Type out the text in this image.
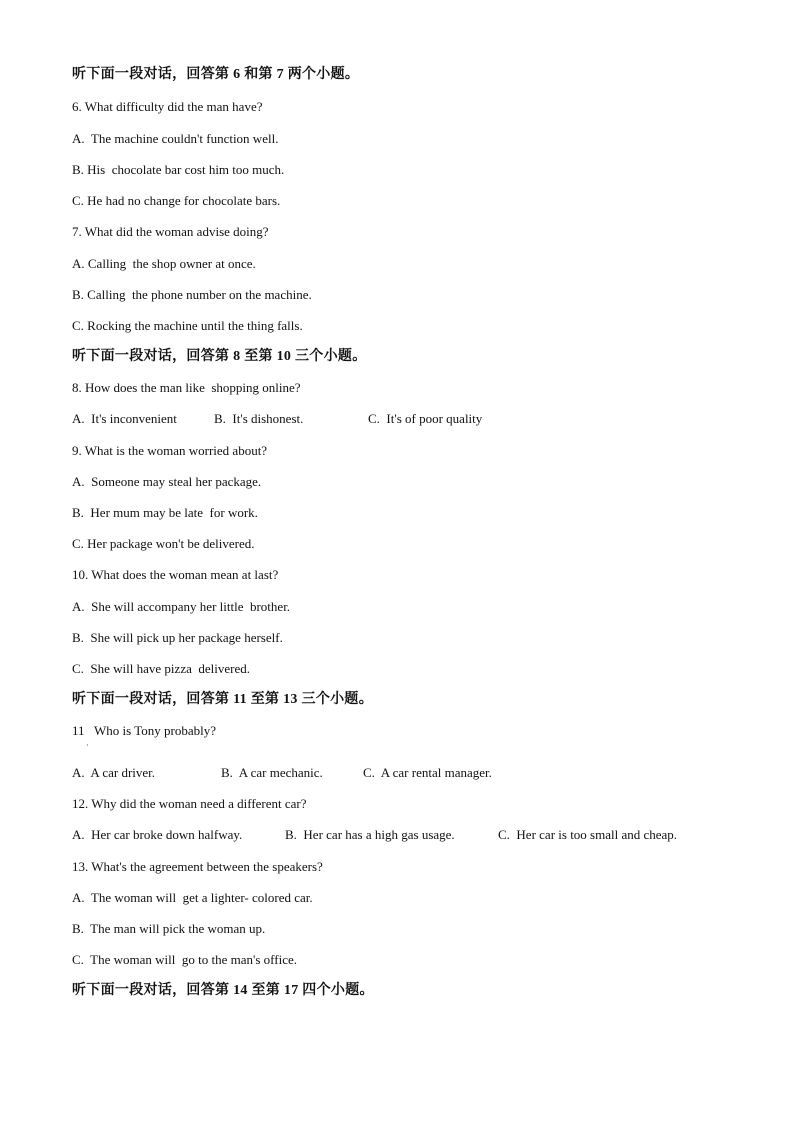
听下面一段对话，回答第 6 和第 7 两个小题。
6. What difficulty did the man have?
A.  The machine couldn't function well.
B. His  chocolate bar cost him too much.
C. He had no change for chocolate bars.
7. What did the woman advise doing?
A. Calling  the shop owner at once.
B. Calling  the phone number on the machine.
C. Rocking the machine until the thing falls.
听下面一段对话，回答第 8 至第 10 三个小题。
8. How does the man like  shopping online?
A.  It's inconvenient	B.  It's dishonest.	C.  It's of poor quality
9. What is the woman worried about?
A.  Someone may steal her package.
B.  Her mum may be late  for work.
C. Her package won't be delivered.
10. What does the woman mean at last?
A.  She will accompany her little  brother.
B.  She will pick up her package herself.
C.  She will have pizza  delivered.
听下面一段对话，回答第 11 至第 13 三个小题。
11   Who is Tony probably?
·
A.  A car driver.	B.  A car mechanic.	C.  A car rental manager.
12. Why did the woman need a different car?
A.  Her car broke down halfway.	B.  Her car has a high gas usage.	C.  Her car is too small and cheap.
13. What's the agreement between the speakers?
A.  The woman will  get a lighter- colored car.
B.  The man will pick the woman up.
C.  The woman will  go to the man's office.
听下面一段对话，回答第 14 至第 17 四个小题。
